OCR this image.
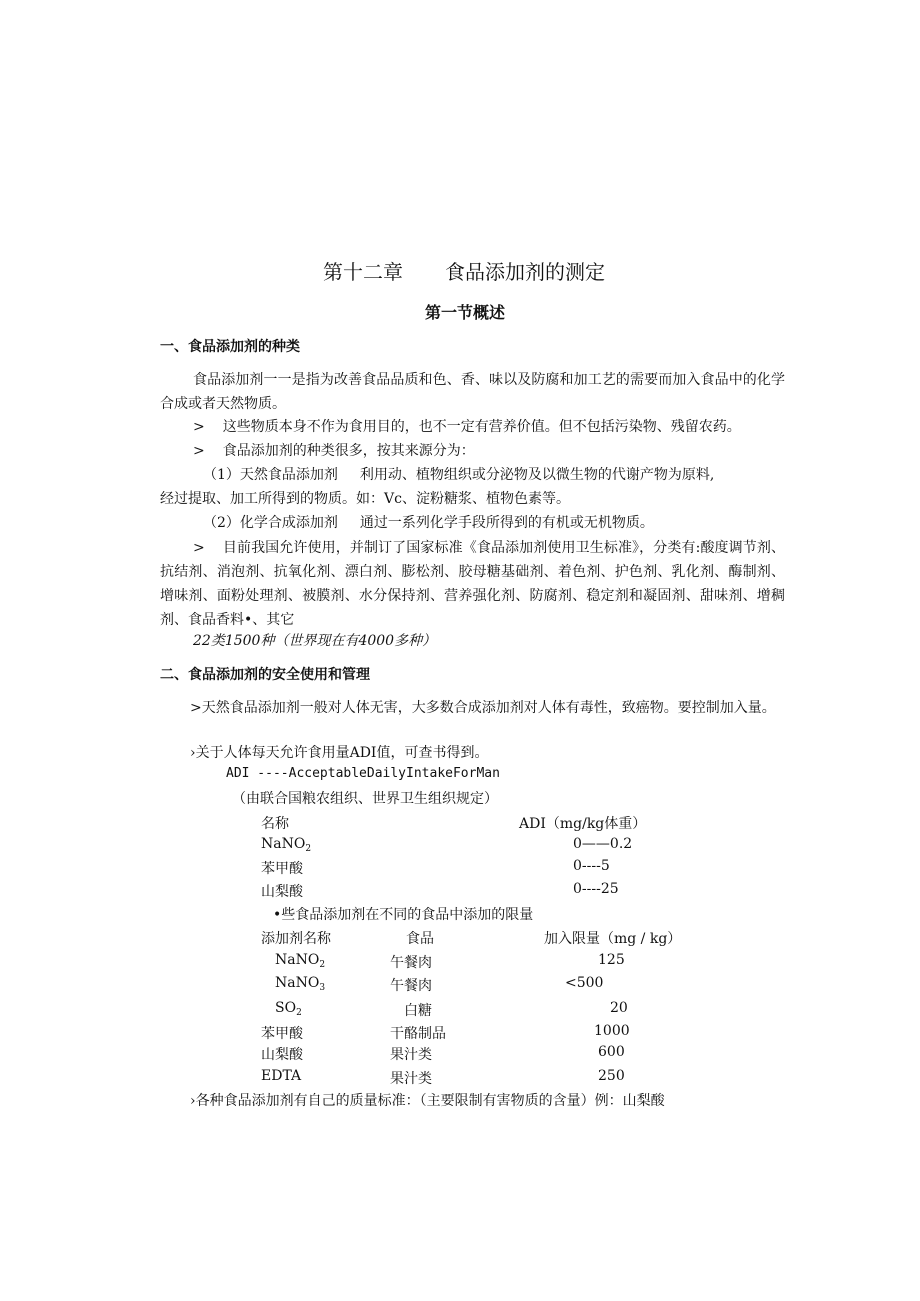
第十二章 食品添加剂的测定
第一节概述
一、食品添加剂的种类
食品添加剂一一是指为改善食品品质和色、香、味以及防腐和加工艺的需要而加入食品中的化学合成或者天然物质。
> 这些物质本身不作为食用目的，也不一定有营养价值。但不包括污染物、残留农药。
> 食品添加剂的种类很多，按其来源分为：
（1）天然食品添加剂 利用动、植物组织或分泌物及以微生物的代谢产物为原料,
经过提取、加工所得到的物质。如：Vc、淀粉糖浆、植物色素等。
（2）化学合成添加剂 通过一系列化学手段所得到的有机或无机物质。
> 目前我国允许使用，并制订了国家标准《食品添加剂使用卫生标准》，分类有:酸度调节剂、抗结剂、消泡剂、抗氧化剂、漂白剂、膨松剂、胶母糖基础剂、着色剂、护色剂、乳化剂、酶制剂、增味剂、面粉处理剂、被膜剂、水分保持剂、营养强化剂、防腐剂、稳定剂和凝固剂、甜味剂、增稠剂、食品香料•、其它
22类1500种（世界现在有4000多种）
二、食品添加剂的安全使用和管理
>天然食品添加剂一般对人体无害，大多数合成添加剂对人体有毒性，致癌物。要控制加入量。
›关于人体每天允许食用量ADI值，可查书得到。
ADI ----AcceptableDailyIntakeForMan
（由联合国粮农组织、世界卫生组织规定）
名称	ADI（mg/kg体重）
NaNO$_2$	0——0.2
苯甲酸	0----5
山梨酸	0----25
•些食品添加剂在不同的食品中添加的限量
添加剂名称	食品	加入限量（mg / kg）
NaNO$_2$	午餐肉	125
NaNO$_3$	午餐肉	<500
$SO_2$	白糖	20
苯甲酸	干酪制品	1000
山梨酸	果汁类	600
EDTA	果汁类	250
›各种食品添加剂有自己的质量标准：（主要限制有害物质的含量）例：山梨酸
